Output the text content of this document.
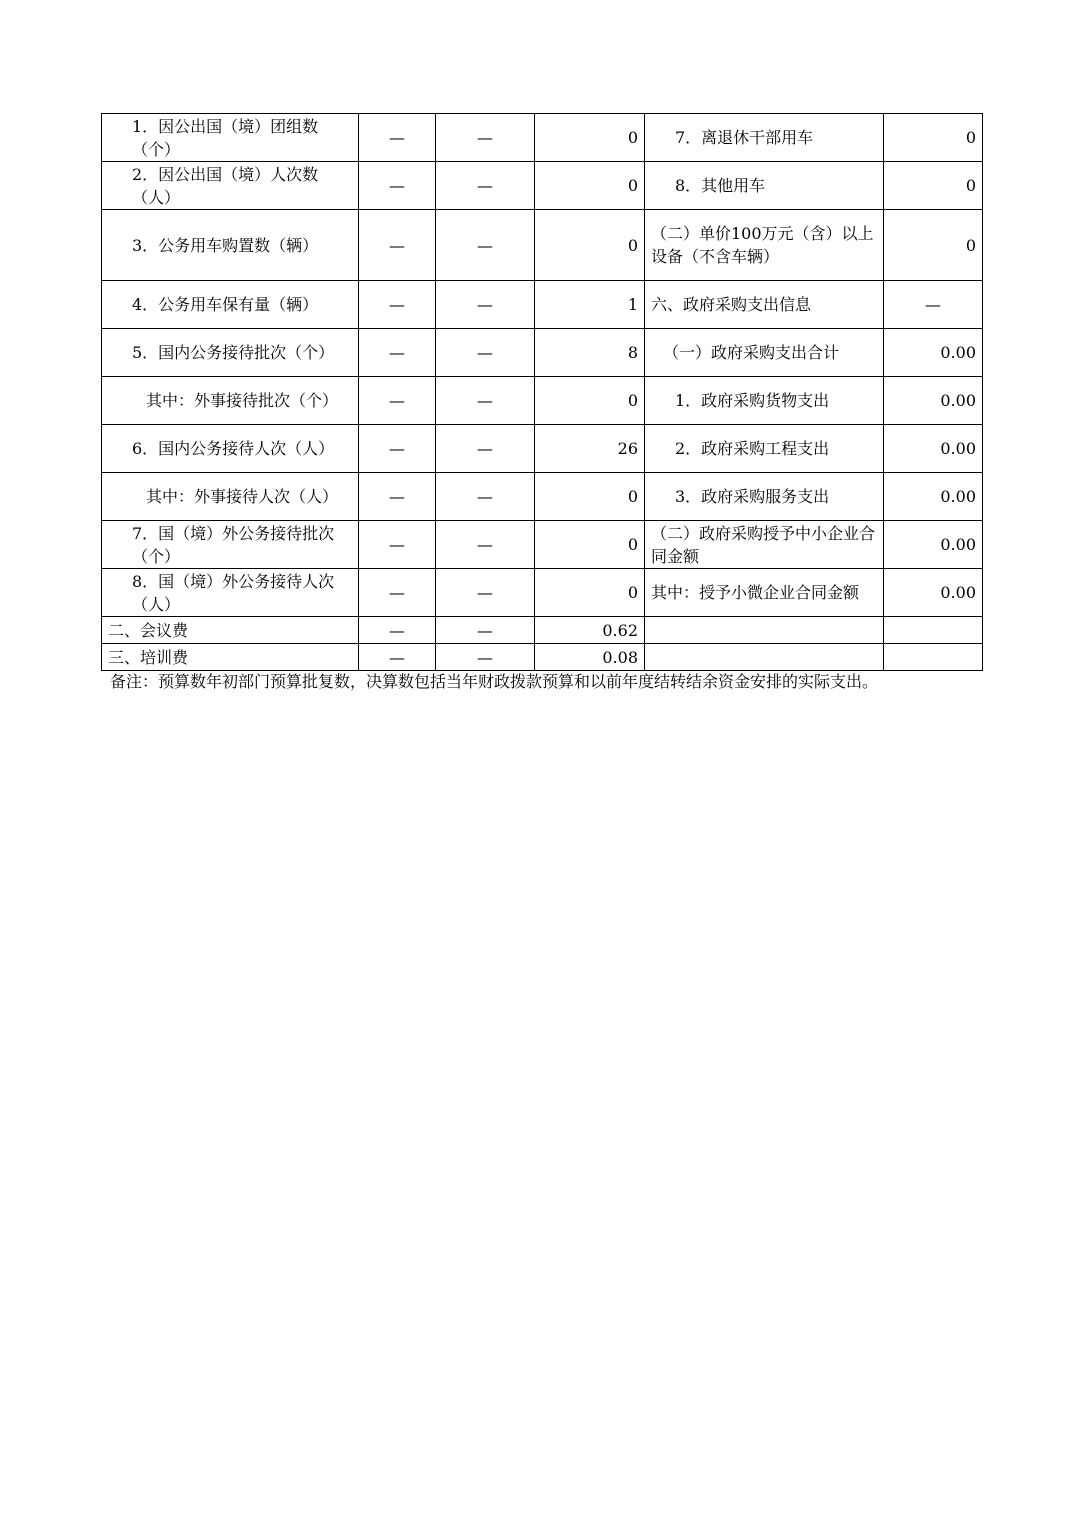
1．因公出国（境）团组数（个）	—	—	0	7．离退休干部用车	0
2．因公出国（境）人次数（人）	—	—	0	8．其他用车	0
3．公务用车购置数（辆）	—	—	0	（二）单价100万元（含）以上设备（不含车辆）	0
4．公务用车保有量（辆）	—	—	1	六、政府采购支出信息	—
5．国内公务接待批次（个）	—	—	8	（一）政府采购支出合计	0.00
其中：外事接待批次（个）	—	—	0	1．政府采购货物支出	0.00
6．国内公务接待人次（人）	—	—	26	2．政府采购工程支出	0.00
其中：外事接待人次（人）	—	—	0	3．政府采购服务支出	0.00
7．国（境）外公务接待批次（个）	—	—	0	（二）政府采购授予中小企业合同金额	0.00
8．国（境）外公务接待人次（人）	—	—	0	其中：授予小微企业合同金额	0.00
二、会议费	—	—	0.62		
三、培训费	—	—	0.08		
备注：预算数年初部门预算批复数，决算数包括当年财政拨款预算和以前年度结转结余资金安排的实际支出。
